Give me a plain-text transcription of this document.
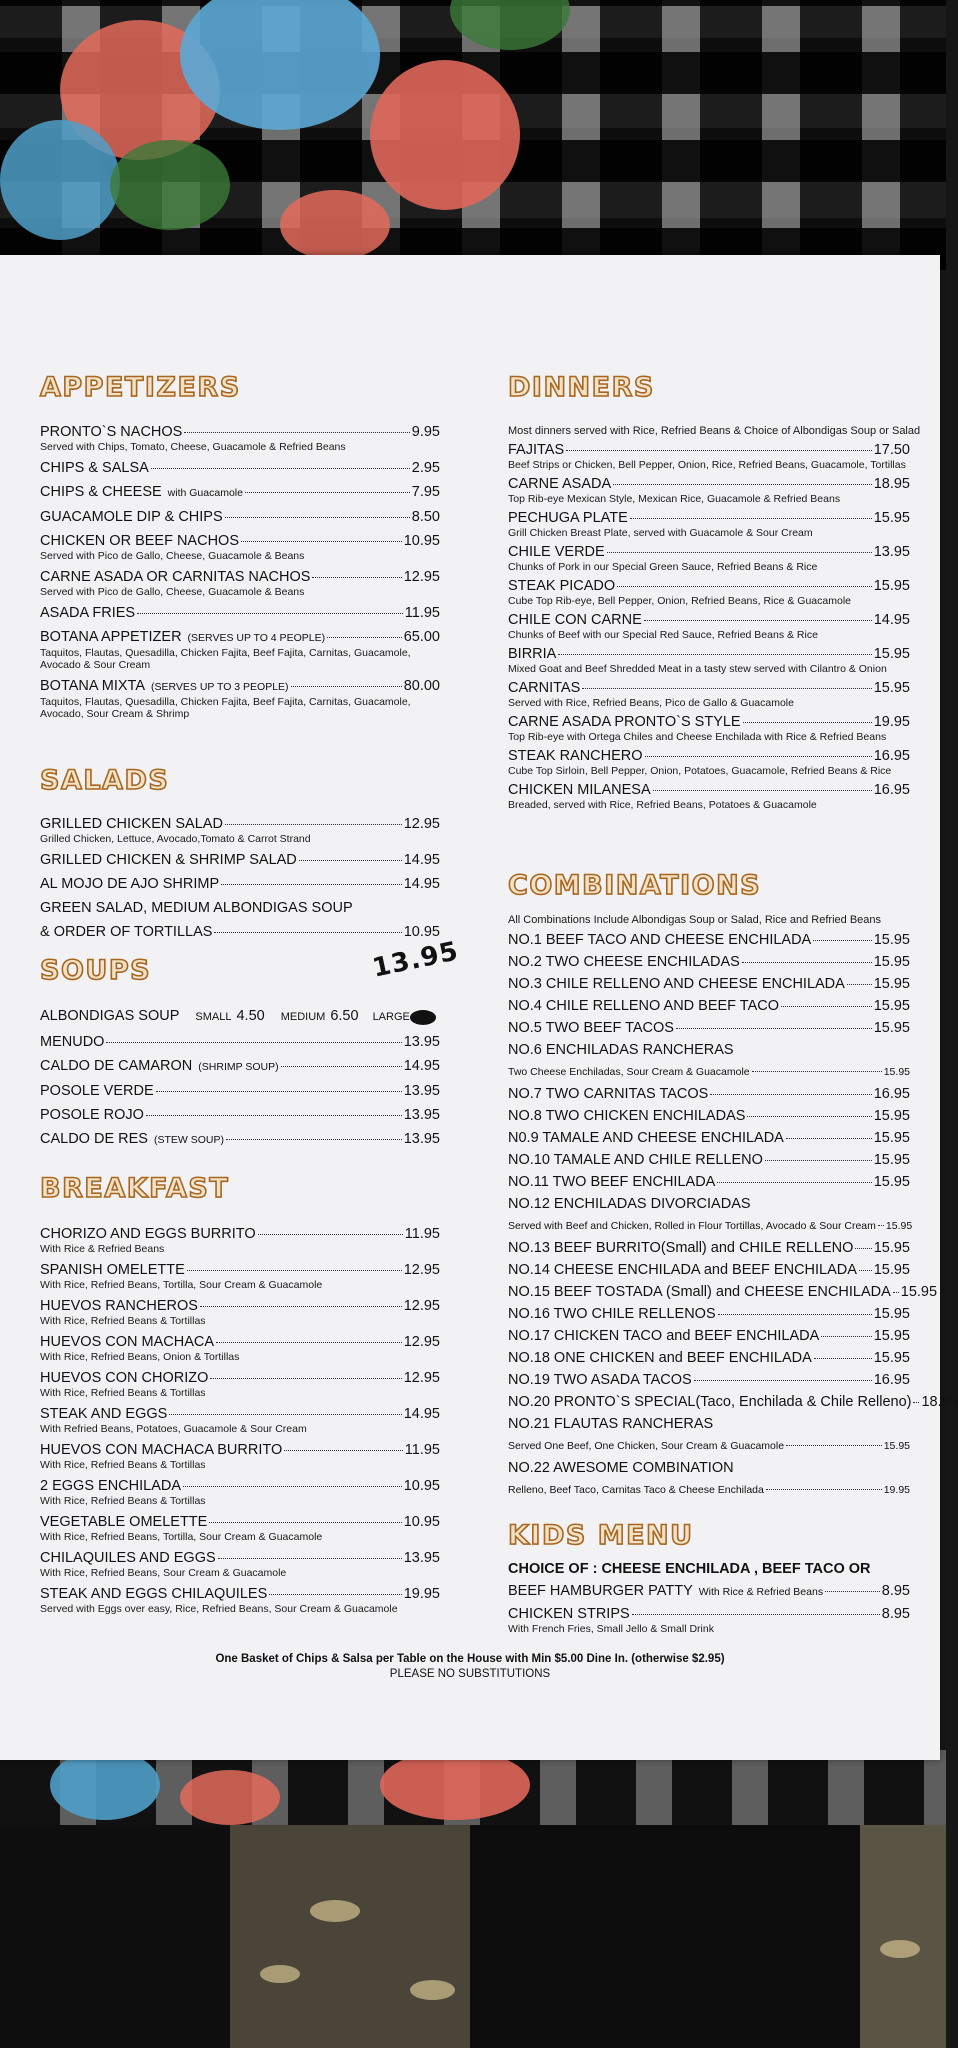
APPETIZERS
PRONTO`S NACHOS	9.95
Served with Chips, Tomato, Cheese, Guacamole & Refried Beans
CHIPS & SALSA	2.95
CHIPS & CHEESE with Guacamole	7.95
GUACAMOLE DIP & CHIPS	8.50
CHICKEN OR BEEF NACHOS	10.95
Served with Pico de Gallo, Cheese, Guacamole & Beans
CARNE ASADA OR CARNITAS NACHOS	12.95
Served with Pico de Gallo, Cheese, Guacamole & Beans
ASADA FRIES	11.95
BOTANA APPETIZER (SERVES UP TO 4 PEOPLE)	65.00
Taquitos, Flautas, Quesadilla, Chicken Fajita, Beef Fajita, Carnitas, Guacamole, Avocado & Sour Cream
BOTANA MIXTA (SERVES UP TO 3 PEOPLE)	80.00
Taquitos, Flautas, Quesadilla, Chicken Fajita, Beef Fajita, Carnitas, Guacamole, Avocado, Sour Cream & Shrimp
SALADS
GRILLED CHICKEN SALAD	12.95
Grilled Chicken, Lettuce, Avocado,Tomato & Carrot Strand
GRILLED CHICKEN & SHRIMP SALAD	14.95
AL MOJO DE AJO SHRIMP	14.95
GREEN SALAD, MEDIUM ALBONDIGAS SOUP
& ORDER OF TORTILLAS	10.95
SOUPS
ALBONDIGAS SOUP SMALL 4.50 MEDIUM 6.50 LARGE
MENUDO	13.95
CALDO DE CAMARON (SHRIMP SOUP)	14.95
POSOLE VERDE	13.95
POSOLE ROJO	13.95
CALDO DE RES (STEW SOUP)	13.95
BREAKFAST
CHORIZO AND EGGS BURRITO	11.95
With Rice & Refried Beans
SPANISH OMELETTE	12.95
With Rice, Refried Beans, Tortilla, Sour Cream & Guacamole
HUEVOS RANCHEROS	12.95
With Rice, Refried Beans & Tortillas
HUEVOS CON MACHACA	12.95
With Rice, Refried Beans, Onion & Tortillas
HUEVOS CON CHORIZO	12.95
With Rice, Refried Beans & Tortillas
STEAK AND EGGS	14.95
With Refried Beans, Potatoes, Guacamole & Sour Cream
HUEVOS CON MACHACA BURRITO	11.95
With Rice, Refried Beans & Tortillas
2 EGGS ENCHILADA	10.95
With Rice, Refried Beans & Tortillas
VEGETABLE OMELETTE	10.95
With Rice, Refried Beans, Tortilla, Sour Cream & Guacamole
CHILAQUILES AND EGGS	13.95
With Rice, Refried Beans, Sour Cream & Guacamole
STEAK AND EGGS CHILAQUILES	19.95
Served with Eggs over easy, Rice, Refried Beans, Sour Cream & Guacamole
13.95
DINNERS
Most dinners served with Rice, Refried Beans & Choice of Albondigas Soup or Salad
FAJITAS	17.50
Beef Strips or Chicken, Bell Pepper, Onion, Rice, Refried Beans, Guacamole, Tortillas
CARNE ASADA	18.95
Top Rib-eye Mexican Style, Mexican Rice, Guacamole & Refried Beans
PECHUGA PLATE	15.95
Grill Chicken Breast Plate, served with Guacamole & Sour Cream
CHILE VERDE	13.95
Chunks of Pork in our Special Green Sauce, Refried Beans & Rice
STEAK PICADO	15.95
Cube Top Rib-eye, Bell Pepper, Onion, Refried Beans, Rice & Guacamole
CHILE CON CARNE	14.95
Chunks of Beef with our Special Red Sauce, Refried Beans & Rice
BIRRIA	15.95
Mixed Goat and Beef Shredded Meat in a tasty stew served with Cilantro & Onion
CARNITAS	15.95
Served with Rice, Refried Beans, Pico de Gallo & Guacamole
CARNE ASADA PRONTO`S STYLE	19.95
Top Rib-eye with Ortega Chiles and Cheese Enchilada with Rice & Refried Beans
STEAK RANCHERO	16.95
Cube Top Sirloin, Bell Pepper, Onion, Potatoes, Guacamole, Refried Beans & Rice
CHICKEN MILANESA	16.95
Breaded, served with Rice, Refried Beans, Potatoes & Guacamole
COMBINATIONS
All Combinations Include Albondigas Soup or Salad, Rice and Refried Beans
NO.1 BEEF TACO AND CHEESE ENCHILADA	15.95
NO.2 TWO CHEESE ENCHILADAS	15.95
NO.3 CHILE RELLENO AND CHEESE ENCHILADA 15.95
NO.4 CHILE RELLENO AND BEEF TACO	15.95
NO.5 TWO BEEF TACOS	15.95
NO.6 ENCHILADAS RANCHERAS
Two Cheese Enchiladas, Sour Cream & Guacamole	15.95
NO.7 TWO CARNITAS TACOS	16.95
NO.8 TWO CHICKEN ENCHILADAS	15.95
N0.9 TAMALE AND CHEESE ENCHILADA	15.95
NO.10 TAMALE AND CHILE RELLENO	15.95
NO.11 TWO BEEF ENCHILADA	15.95
NO.12 ENCHILADAS DIVORCIADAS
Served with Beef and Chicken, Rolled in Flour Tortillas, Avocado & Sour Cream 15.95
NO.13 BEEF BURRITO(Small) and CHILE RELLENO 15.95
NO.14 CHEESE ENCHILADA and BEEF ENCHILADA 15.95
NO.15 BEEF TOSTADA (Small) and CHEESE ENCHILADA 15.95
NO.16 TWO CHILE RELLENOS	15.95
NO.17 CHICKEN TACO and BEEF ENCHILADA	15.95
NO.18 ONE CHICKEN and BEEF ENCHILADA	15.95
NO.19 TWO ASADA TACOS	16.95
NO.20 PRONTO`S SPECIAL(Taco, Enchilada & Chile Relleno) 18.95
NO.21 FLAUTAS RANCHERAS
Served One Beef, One Chicken, Sour Cream & Guacamole	15.95
NO.22 AWESOME COMBINATION
Relleno, Beef Taco, Carnitas Taco & Cheese Enchilada	19.95
KIDS MENU
CHOICE OF : CHEESE ENCHILADA , BEEF TACO OR
BEEF HAMBURGER PATTY With Rice & Refried Beans	8.95
CHICKEN STRIPS	8.95
With French Fries, Small Jello & Small Drink
One Basket of Chips & Salsa per Table on the House with Min $5.00 Dine In. (otherwise $2.95)
PLEASE NO SUBSTITUTIONS
